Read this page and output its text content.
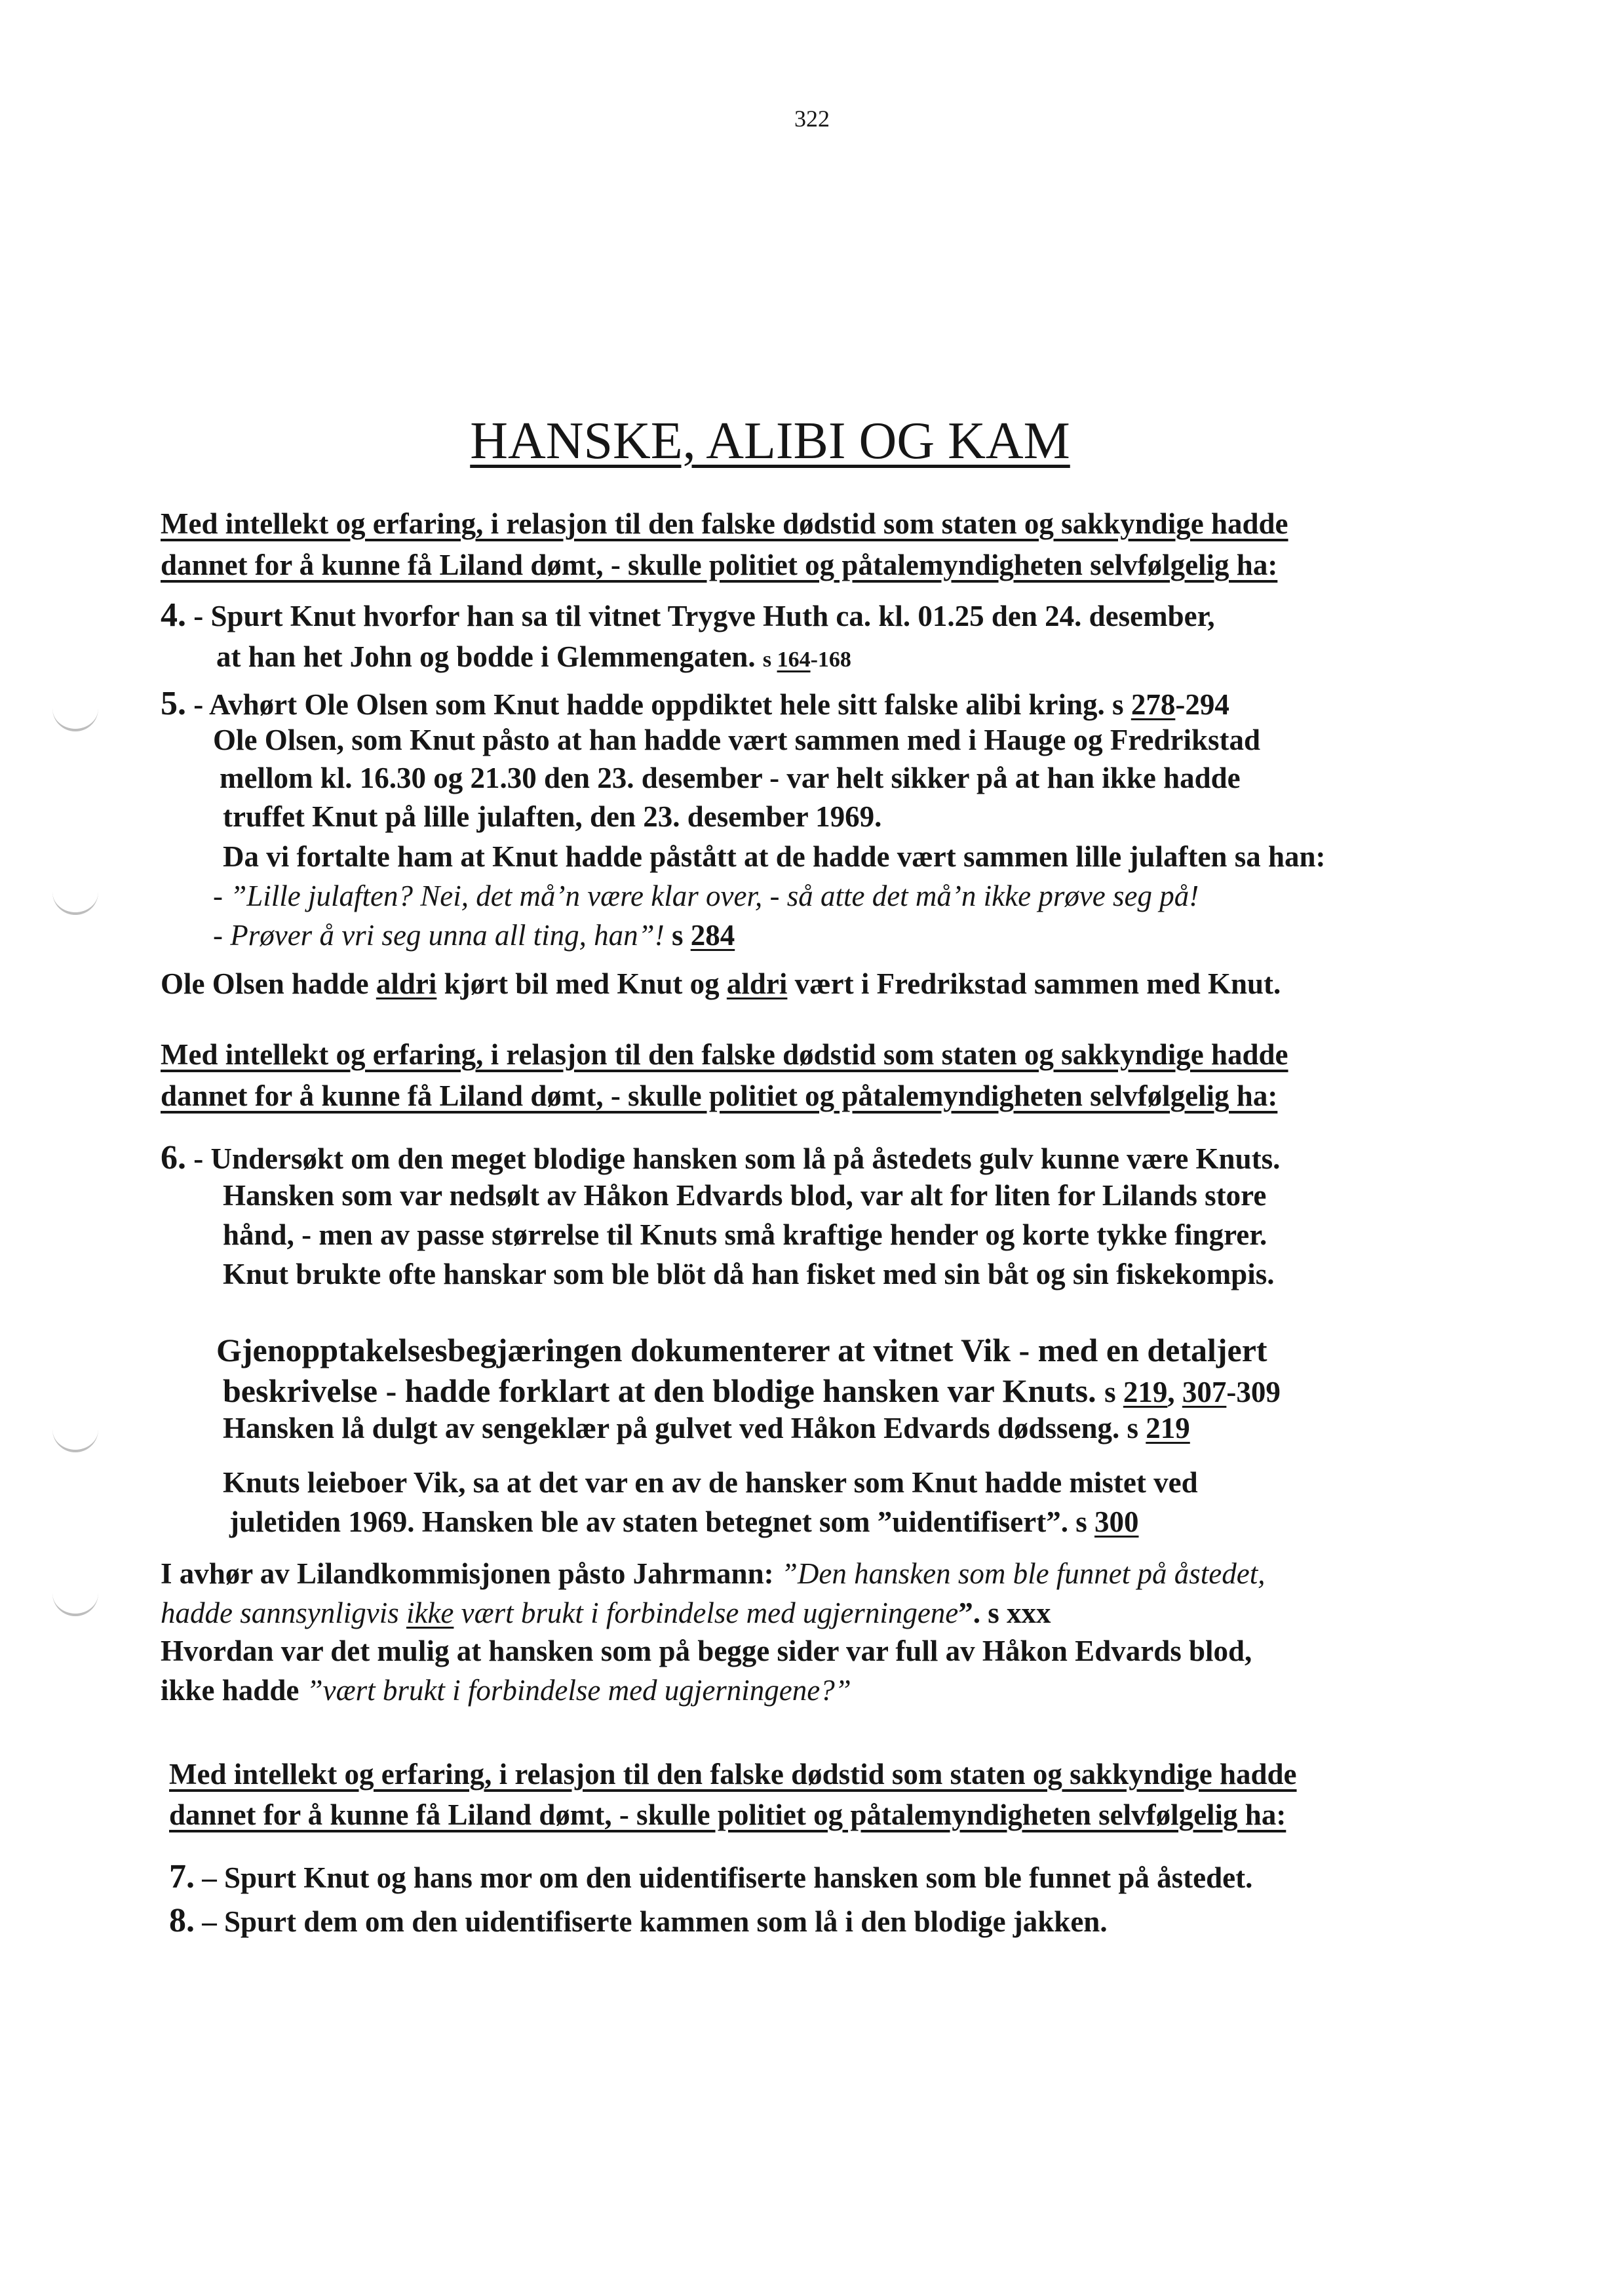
322
HANSKE, ALIBI OG KAM
Med intellekt og erfaring, i relasjon til den falske dødstid som staten og sakkyndige hadde
dannet for å kunne få Liland dømt, - skulle politiet og påtalemyndigheten selvfølgelig ha:
4. - Spurt Knut hvorfor han sa til vitnet Trygve Huth ca. kl. 01.25 den 24. desember,
at han het John og bodde i Glemmengaten. s 164-168
5. - Avhørt Ole Olsen som Knut hadde oppdiktet hele sitt falske alibi kring. s 278-294
Ole Olsen, som Knut påsto at han hadde vært sammen med i Hauge og Fredrikstad
mellom kl. 16.30 og 21.30 den 23. desember - var helt sikker på at han ikke hadde
truffet Knut på lille julaften, den 23. desember 1969.
Da vi fortalte ham at Knut hadde påstått at de hadde vært sammen lille julaften sa han:
- ”Lille julaften? Nei, det må’n være klar over, - så atte det må’n ikke prøve seg på!
- Prøver å vri seg unna all ting, han”! s 284
Ole Olsen hadde aldri kjørt bil med Knut og aldri vært i Fredrikstad sammen med Knut.
Med intellekt og erfaring, i relasjon til den falske dødstid som staten og sakkyndige hadde
dannet for å kunne få Liland dømt, - skulle politiet og påtalemyndigheten selvfølgelig ha:
6. - Undersøkt om den meget blodige hansken som lå på åstedets gulv kunne være Knuts.
Hansken som var nedsølt av Håkon Edvards blod, var alt for liten for Lilands store
hånd, - men av passe størrelse til Knuts små kraftige hender og korte tykke fingrer.
Knut brukte ofte hanskar som ble blöt då han fisket med sin båt og sin fiskekompis.
Gjenopptakelsesbegjæringen dokumenterer at vitnet Vik - med en detaljert
beskrivelse - hadde forklart at den blodige hansken var Knuts. s 219, 307-309
Hansken lå dulgt av sengeklær på gulvet ved Håkon Edvards dødsseng. s 219
Knuts leieboer Vik, sa at det var en av de hansker som Knut hadde mistet ved
juletiden 1969. Hansken ble av staten betegnet som ”uidentifisert”. s 300
I avhør av Lilandkommisjonen påsto Jahrmann: ”Den hansken som ble funnet på åstedet,
hadde sannsynligvis ikke vært brukt i forbindelse med ugjerningene”. s xxx
Hvordan var det mulig at hansken som på begge sider var full av Håkon Edvards blod,
ikke hadde ”vært brukt i forbindelse med ugjerningene?”
Med intellekt og erfaring, i relasjon til den falske dødstid som staten og sakkyndige hadde
dannet for å kunne få Liland dømt, - skulle politiet og påtalemyndigheten selvfølgelig ha:
7. – Spurt Knut og hans mor om den uidentifiserte hansken som ble funnet på åstedet.
8. – Spurt dem om den uidentifiserte kammen som lå i den blodige jakken.
